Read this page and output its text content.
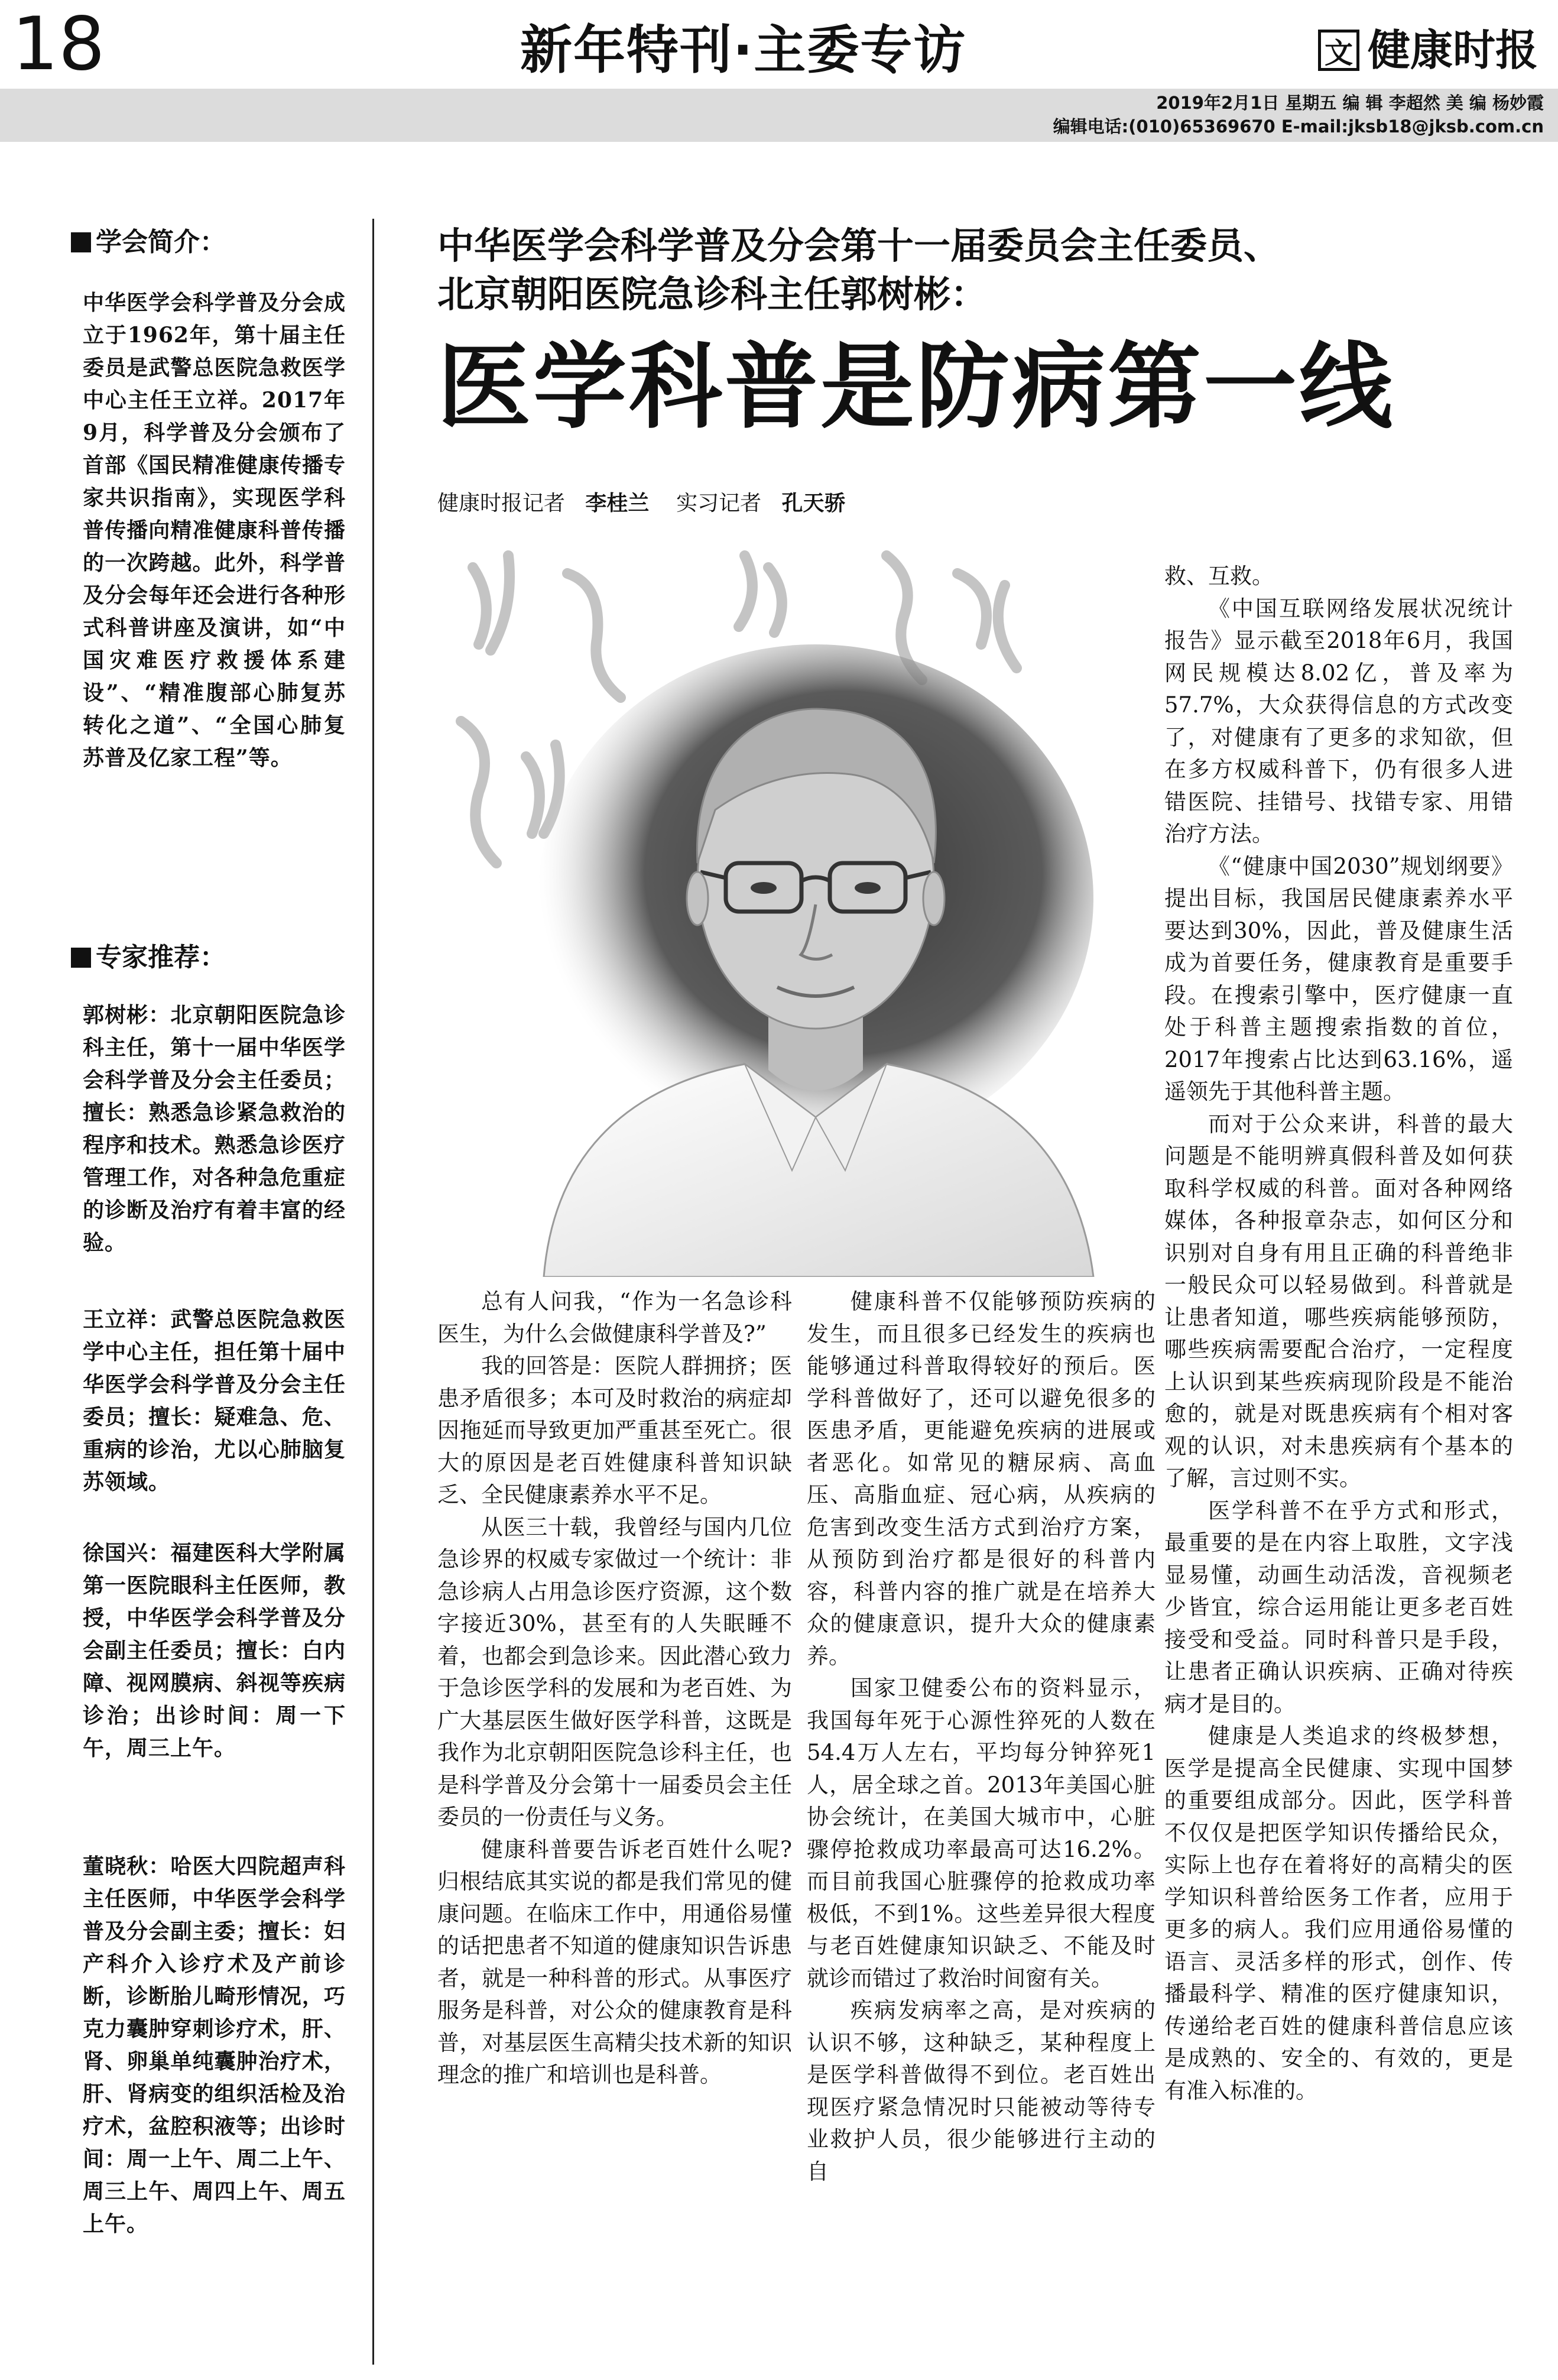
18	新年特刊·主委专访	文 健康时报
2019年2月1日 星期五 编 辑 李超然 美 编 杨妙霞
编辑电话:(010)65369670 E-mail:jksb18@jksb.com.cn
学会简介：
中华医学会科学普及分会成立于1962年，第十届主任委员是武警总医院急救医学中心主任王立祥。2017年9月，科学普及分会颁布了首部《国民精准健康传播专家共识指南》，实现医学科普传播向精准健康科普传播的一次跨越。此外，科学普及分会每年还会进行各种形式科普讲座及演讲，如“中国灾难医疗救援体系建设”、“精准腹部心肺复苏转化之道”、“全国心肺复苏普及亿家工程”等。
专家推荐：
郭树彬：北京朝阳医院急诊科主任，第十一届中华医学会科学普及分会主任委员；擅长：熟悉急诊紧急救治的程序和技术。熟悉急诊医疗管理工作，对各种急危重症的诊断及治疗有着丰富的经验。
王立祥：武警总医院急救医学中心主任，担任第十届中华医学会科学普及分会主任委员；擅长：疑难急、危、重病的诊治，尤以心肺脑复苏领域。
徐国兴：福建医科大学附属第一医院眼科主任医师，教授，中华医学会科学普及分会副主任委员；擅长：白内障、视网膜病、斜视等疾病诊治；出诊时间：周一下午，周三上午。
董晓秋：哈医大四院超声科主任医师，中华医学会科学普及分会副主委；擅长：妇产科介入诊疗术及产前诊断，诊断胎儿畸形情况，巧克力囊肿穿刺诊疗术，肝、肾、卵巢单纯囊肿治疗术，肝、肾病变的组织活检及治疗术，盆腔积液等；出诊时间：周一上午、周二上午、周三上午、周四上午、周五上午。
中华医学会科学普及分会第十一届委员会主任委员、
北京朝阳医院急诊科主任郭树彬：
医学科普是防病第一线
健康时报记者 李桂兰 实习记者 孔天骄

总有人问我，“作为一名急诊科医生，为什么会做健康科学普及?”

我的回答是：医院人群拥挤；医患矛盾很多；本可及时救治的病症却因拖延而导致更加严重甚至死亡。很大的原因是老百姓健康科普知识缺乏、全民健康素养水平不足。

从医三十载，我曾经与国内几位急诊界的权威专家做过一个统计：非急诊病人占用急诊医疗资源，这个数字接近30%，甚至有的人失眠睡不着，也都会到急诊来。因此潜心致力于急诊医学科的发展和为老百姓、为广大基层医生做好医学科普，这既是我作为北京朝阳医院急诊科主任，也是科学普及分会第十一届委员会主任委员的一份责任与义务。

健康科普要告诉老百姓什么呢?归根结底其实说的都是我们常见的健康问题。在临床工作中，用通俗易懂的话把患者不知道的健康知识告诉患者，就是一种科普的形式。从事医疗服务是科普，对公众的健康教育是科普，对基层医生高精尖技术新的知识理念的推广和培训也是科普。

健康科普不仅能够预防疾病的发生，而且很多已经发生的疾病也能够通过科普取得较好的预后。医学科普做好了，还可以避免很多的医患矛盾，更能避免疾病的进展或者恶化。如常见的糖尿病、高血压、高脂血症、冠心病，从疾病的危害到改变生活方式到治疗方案，从预防到治疗都是很好的科普内容，科普内容的推广就是在培养大众的健康意识，提升大众的健康素养。

国家卫健委公布的资料显示，我国每年死于心源性猝死的人数在54.4万人左右，平均每分钟猝死1人，居全球之首。2013年美国心脏协会统计，在美国大城市中，心脏骤停抢救成功率最高可达16.2%。而目前我国心脏骤停的抢救成功率极低，不到1%。这些差异很大程度与老百姓健康知识缺乏、不能及时就诊而错过了救治时间窗有关。

疾病发病率之高，是对疾病的认识不够，这种缺乏，某种程度上是医学科普做得不到位。老百姓出现医疗紧急情况时只能被动等待专业救护人员，很少能够进行主动的自

救、互救。

《中国互联网络发展状况统计报告》显示截至2018年6月，我国网民规模达8.02亿，普及率为57.7%，大众获得信息的方式改变了，对健康有了更多的求知欲，但在多方权威科普下，仍有很多人进错医院、挂错号、找错专家、用错治疗方法。

《“健康中国2030”规划纲要》提出目标，我国居民健康素养水平要达到30%，因此，普及健康生活成为首要任务，健康教育是重要手段。在搜索引擎中，医疗健康一直处于科普主题搜索指数的首位，2017年搜索占比达到63.16%，遥遥领先于其他科普主题。

而对于公众来讲，科普的最大问题是不能明辨真假科普及如何获取科学权威的科普。面对各种网络媒体，各种报章杂志，如何区分和识别对自身有用且正确的科普绝非一般民众可以轻易做到。科普就是让患者知道，哪些疾病能够预防，哪些疾病需要配合治疗，一定程度上认识到某些疾病现阶段是不能治愈的，就是对既患疾病有个相对客观的认识，对未患疾病有个基本的了解，言过则不实。

医学科普不在乎方式和形式，最重要的是在内容上取胜，文字浅显易懂，动画生动活泼，音视频老少皆宜，综合运用能让更多老百姓接受和受益。同时科普只是手段，让患者正确认识疾病、正确对待疾病才是目的。

健康是人类追求的终极梦想，医学是提高全民健康、实现中国梦的重要组成部分。因此，医学科普不仅仅是把医学知识传播给民众，实际上也存在着将好的高精尖的医学知识科普给医务工作者，应用于更多的病人。我们应用通俗易懂的语言、灵活多样的形式，创作、传播最科学、精准的医疗健康知识，传递给老百姓的健康科普信息应该是成熟的、安全的、有效的，更是有准入标准的。
